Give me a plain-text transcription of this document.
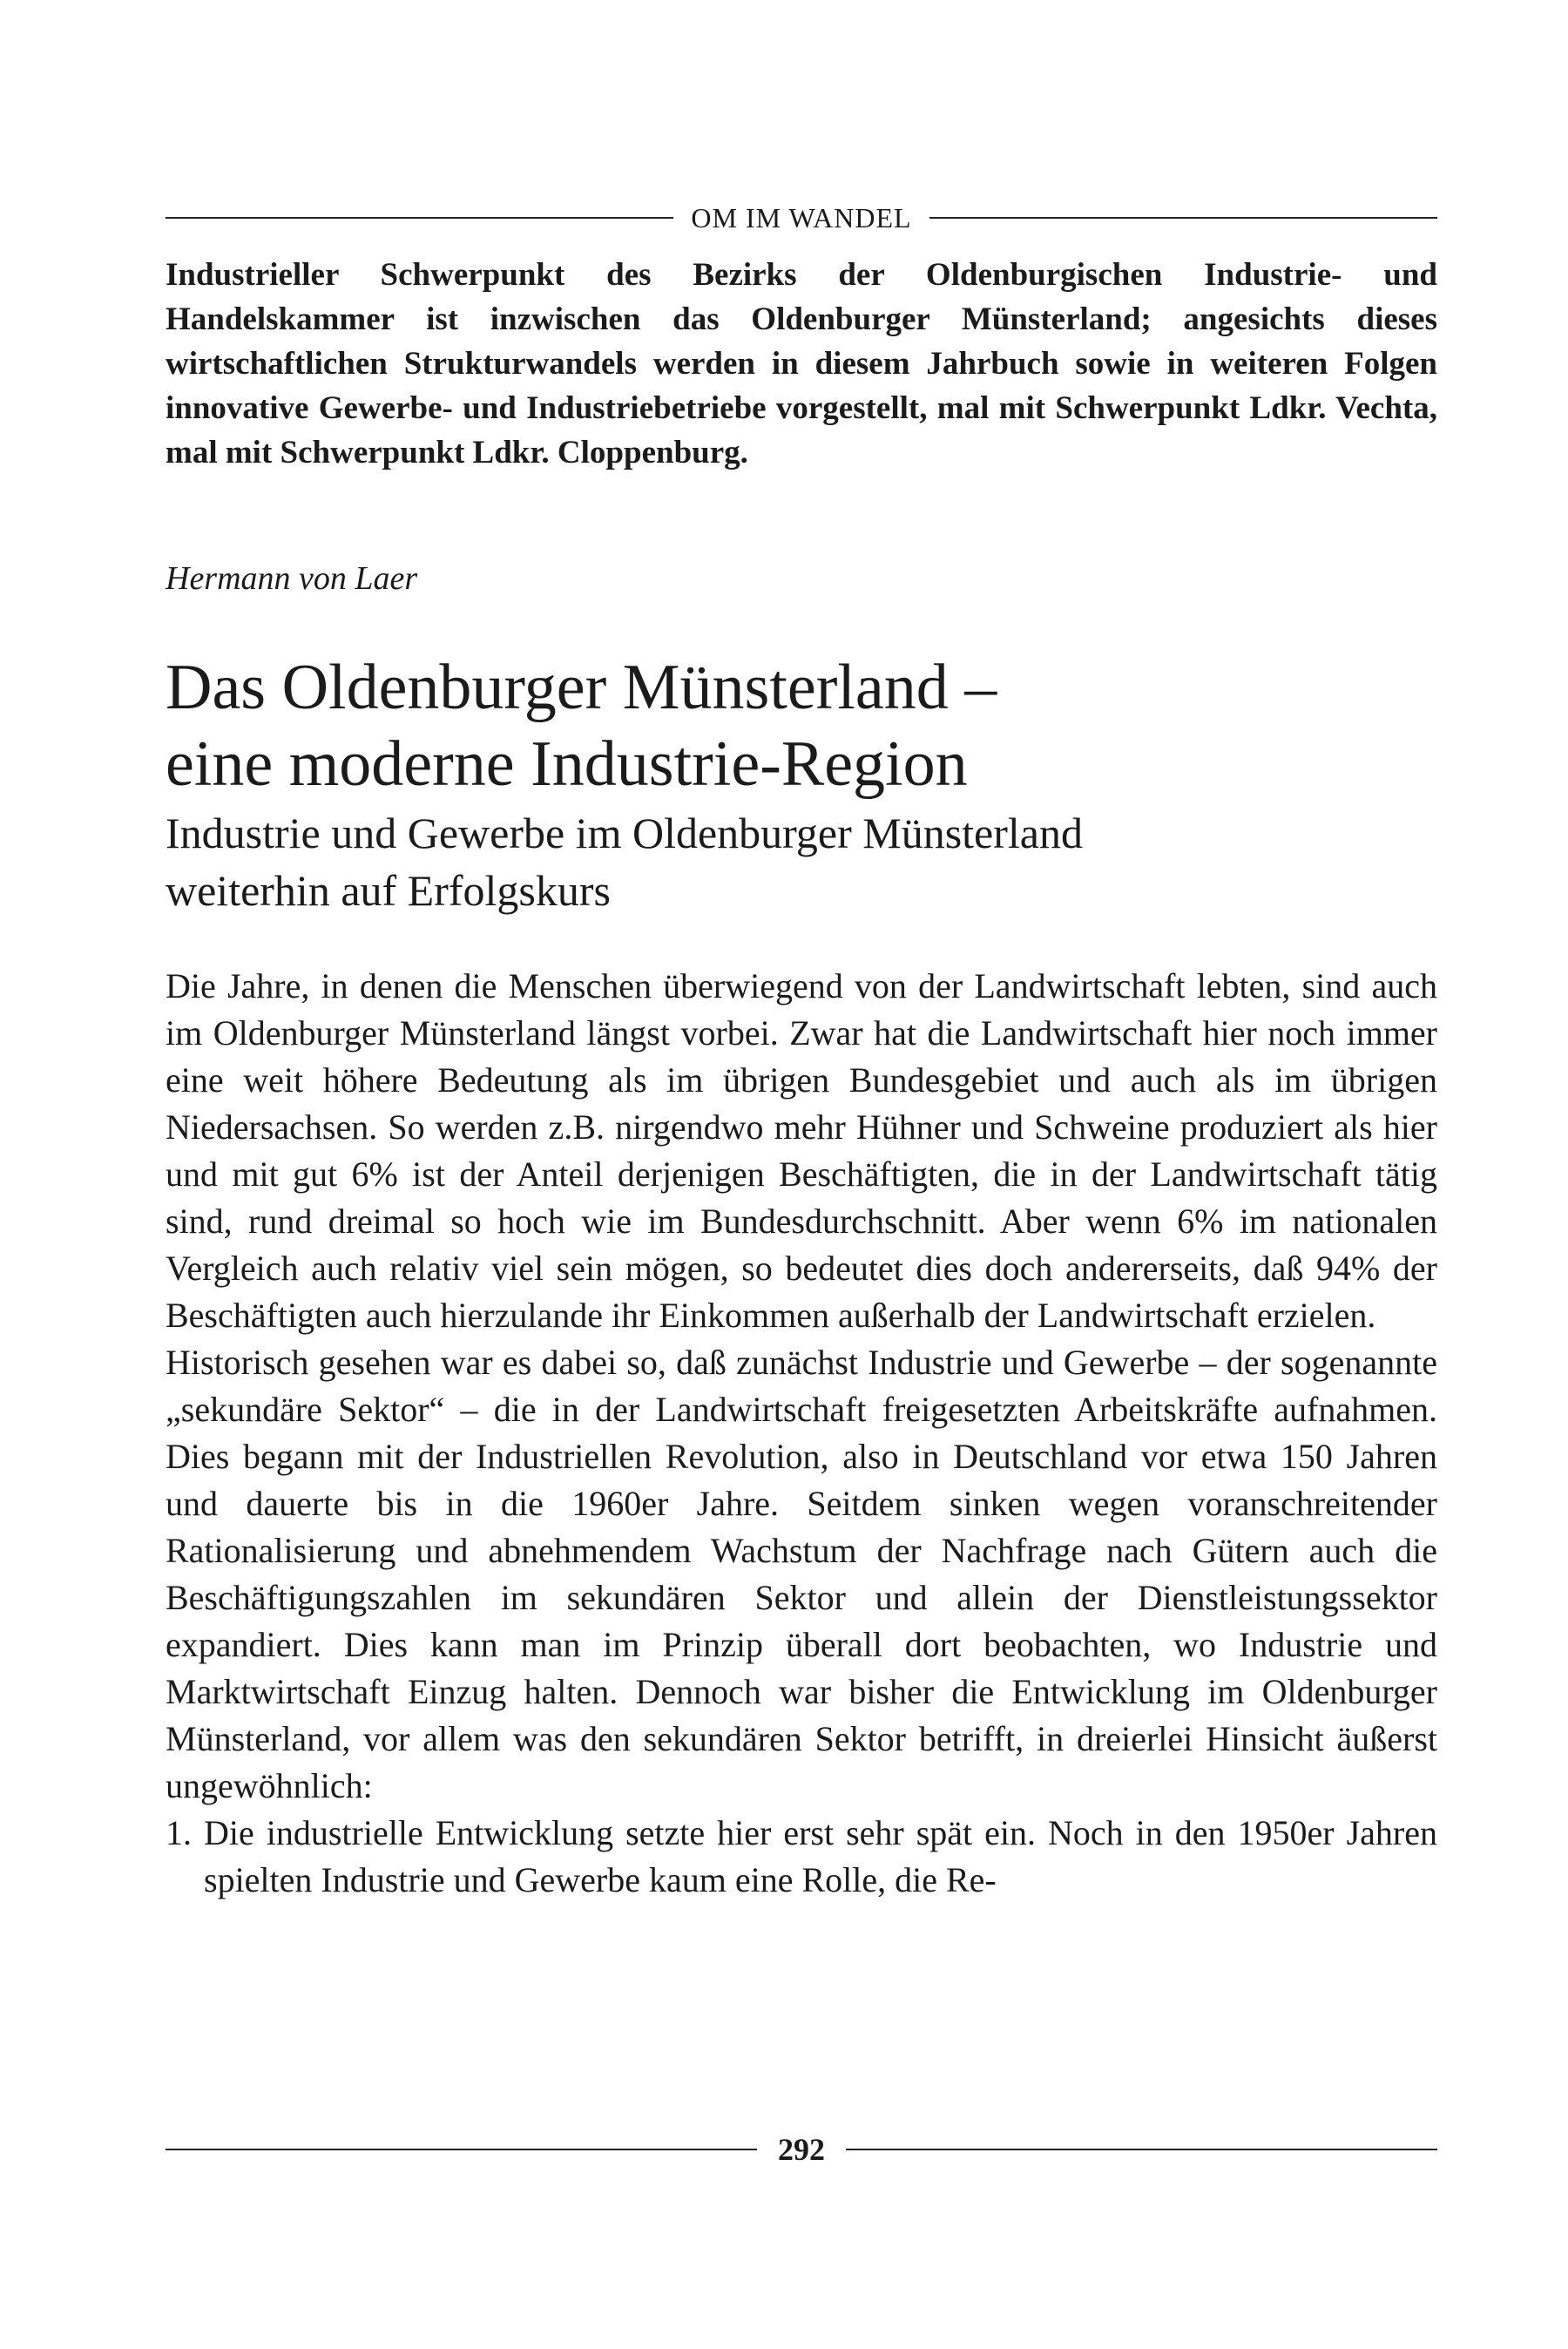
OM IM WANDEL

Industrieller Schwerpunkt des Bezirks der Oldenburgischen Industrie- und Handelskammer ist inzwischen das Oldenburger Münsterland; angesichts dieses wirtschaftlichen Strukturwandels werden in diesem Jahrbuch sowie in weiteren Folgen innovative Gewerbe- und Industriebetriebe vorgestellt, mal mit Schwerpunkt Ldkr. Vechta, mal mit Schwerpunkt Ldkr. Cloppenburg.

Hermann von Laer

Das Oldenburger Münsterland –
eine moderne Industrie-Region
Industrie und Gewerbe im Oldenburger Münsterland
weiterhin auf Erfolgskurs

Die Jahre, in denen die Menschen überwiegend von der Landwirtschaft lebten, sind auch im Oldenburger Münsterland längst vorbei. Zwar hat die Landwirtschaft hier noch immer eine weit höhere Bedeutung als im übrigen Bundesgebiet und auch als im übrigen Niedersachsen. So werden z.B. nirgendwo mehr Hühner und Schweine produziert als hier und mit gut 6% ist der Anteil derjenigen Beschäftigten, die in der Landwirtschaft tätig sind, rund dreimal so hoch wie im Bundesdurchschnitt. Aber wenn 6% im nationalen Vergleich auch relativ viel sein mögen, so bedeutet dies doch andererseits, daß 94% der Beschäftigten auch hierzulande ihr Einkommen außerhalb der Landwirtschaft erzielen.

Historisch gesehen war es dabei so, daß zunächst Industrie und Gewerbe – der sogenannte „sekundäre Sektor“ – die in der Landwirtschaft freigesetzten Arbeitskräfte aufnahmen. Dies begann mit der Industriellen Revolution, also in Deutschland vor etwa 150 Jahren und dauerte bis in die 1960er Jahre. Seitdem sinken wegen voranschreitender Rationalisierung und abnehmendem Wachstum der Nachfrage nach Gütern auch die Beschäftigungszahlen im sekundären Sektor und allein der Dienstleistungssektor expandiert. Dies kann man im Prinzip überall dort beobachten, wo Industrie und Marktwirtschaft Einzug halten. Dennoch war bisher die Entwicklung im Oldenburger Münsterland, vor allem was den sekundären Sektor betrifft, in dreierlei Hinsicht äußerst ungewöhnlich:

1. Die industrielle Entwicklung setzte hier erst sehr spät ein. Noch in den 1950er Jahren spielten Industrie und Gewerbe kaum eine Rolle, die Re-

292
